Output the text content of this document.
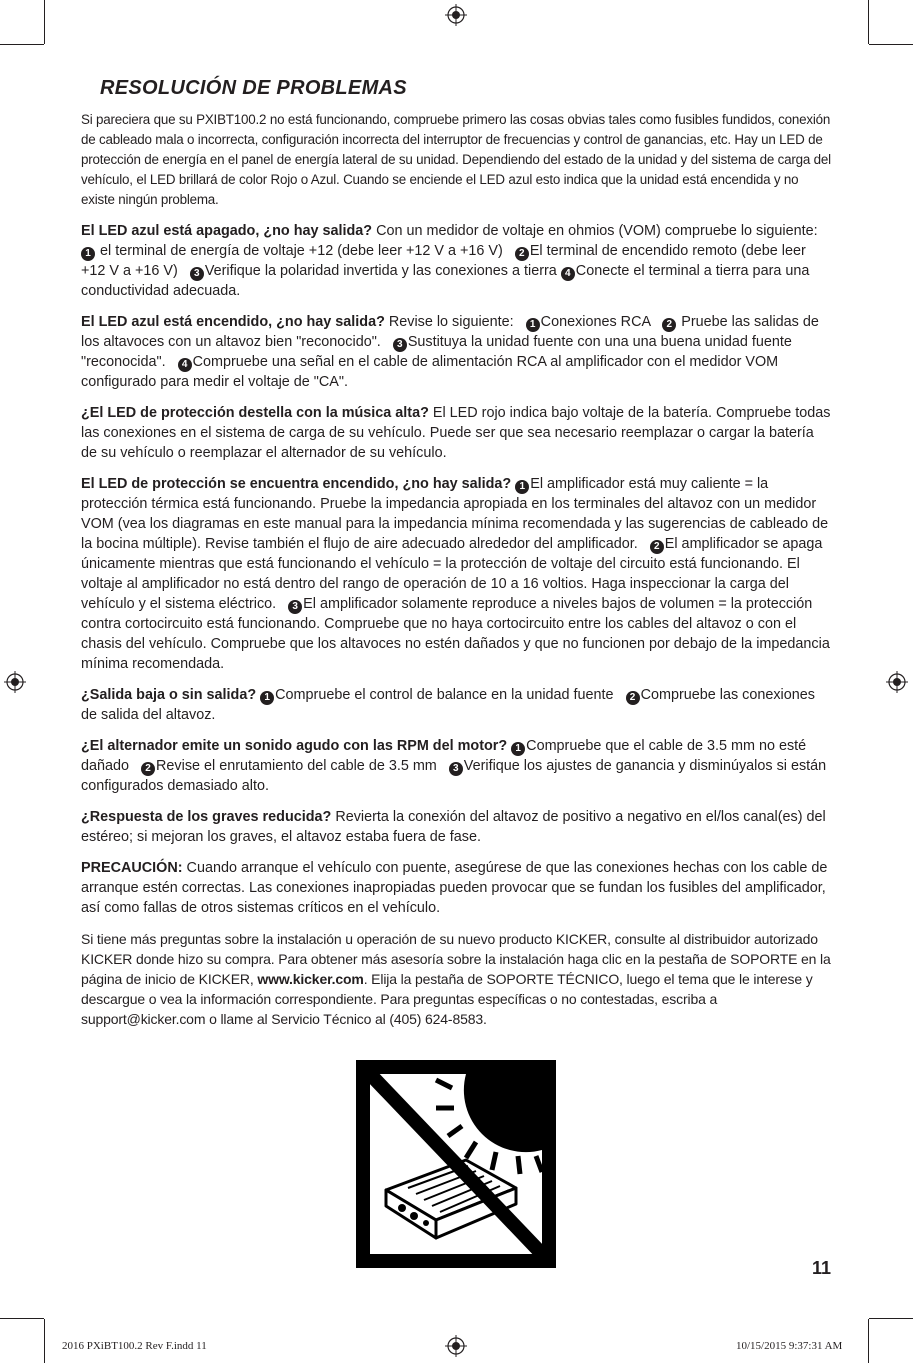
RESOLUCIÓN DE PROBLEMAS

Si pareciera que su PXIBT100.2 no está funcionando, compruebe primero las cosas obvias tales como fusibles fundidos, conexión de cableado mala o incorrecta, configuración incorrecta del interruptor de frecuencias y control de ganancias, etc. Hay un LED de protección de energía en el panel de energía lateral de su unidad. Dependiendo del estado de la unidad y del sistema de carga del vehículo, el LED brillará de color Rojo o Azul. Cuando se enciende el LED azul esto indica que la unidad está encendida y no existe ningún problema.

El LED azul está apagado, ¿no hay salida? Con un medidor de voltaje en ohmios (VOM) compruebe lo siguiente:   1 el terminal de energía de voltaje +12 (debe leer +12 V a +16 V) 2 El terminal de encendido remoto (debe leer +12 V a +16 V) 3 Verifique la polaridad invertida y las conexiones a tierra 4 Conecte el terminal a tierra para una conductividad adecuada.

El LED azul está encendido, ¿no hay salida? Revise lo siguiente: 1 Conexiones RCA 2 Pruebe las salidas de los altavoces con un altavoz bien "reconocido". 3 Sustituya la unidad fuente con una una buena unidad fuente "reconocida". 4 Compruebe una señal en el cable de alimentación RCA al amplificador con el medidor VOM configurado para medir el voltaje de "CA".

¿El LED de protección destella con la música alta? El LED rojo indica bajo voltaje de la batería. Compruebe todas las conexiones en el sistema de carga de su vehículo. Puede ser que sea necesario reemplazar o cargar la batería de su vehículo o reemplazar el alternador de su vehículo.

El LED de protección se encuentra encendido, ¿no hay salida? 1 El amplificador está muy caliente = la protección térmica está funcionando. Pruebe la impedancia apropiada en los terminales del altavoz con un medidor VOM (vea los diagramas en este manual para la impedancia mínima recomendada y las sugerencias de cableado de la bocina múltiple). Revise también el flujo de aire adecuado alrededor del amplificador. 2 El amplificador se apaga únicamente mientras que está funcionando el vehículo = la protección de voltaje del circuito está funcionando. El voltaje al amplificador no está dentro del rango de operación de 10 a 16 voltios. Haga inspeccionar la carga del vehículo y el sistema eléctrico. 3 El amplificador solamente reproduce a niveles bajos de volumen = la protección contra cortocircuito está funcionando. Compruebe que no haya cortocircuito entre los cables del altavoz o con el chasis del vehículo. Compruebe que los altavoces no estén dañados y que no funcionen por debajo de la impedancia mínima recomendada.

¿Salida baja o sin salida? 1 Compruebe el control de balance en la unidad fuente 2 Compruebe las conexiones de salida del altavoz.

¿El alternador emite un sonido agudo con las RPM del motor? 1 Compruebe que el cable de 3.5 mm no esté dañado 2 Revise el enrutamiento del cable de 3.5 mm 3 Verifique los ajustes de ganancia y disminúyalos si están configurados demasiado alto.

¿Respuesta de los graves reducida? Revierta la conexión del altavoz de positivo a negativo en el/los canal(es) del estéreo; si mejoran los graves, el altavoz estaba fuera de fase.

PRECAUCIÓN: Cuando arranque el vehículo con puente, asegúrese de que las conexiones hechas con los cable de arranque estén correctas. Las conexiones inapropiadas pueden provocar que se fundan los fusibles del amplificador, así como fallas de otros sistemas críticos en el vehículo.

Si tiene más preguntas sobre la instalación u operación de su nuevo producto KICKER, consulte al distribuidor autorizado KICKER donde hizo su compra. Para obtener más asesoría sobre la instalación haga clic en la pestaña de SOPORTE en la página de inicio de KICKER, www.kicker.com. Elija la pestaña de SOPORTE TÉCNICO, luego el tema que le interese y descargue o vea la información correspondiente. Para preguntas específicas o no contestadas, escriba a support@kicker.com o llame al Servicio Técnico al (405) 624-8583.

11
2016 PXiBT100.2 Rev F.indd 11	10/15/2015 9:37:31 AM
